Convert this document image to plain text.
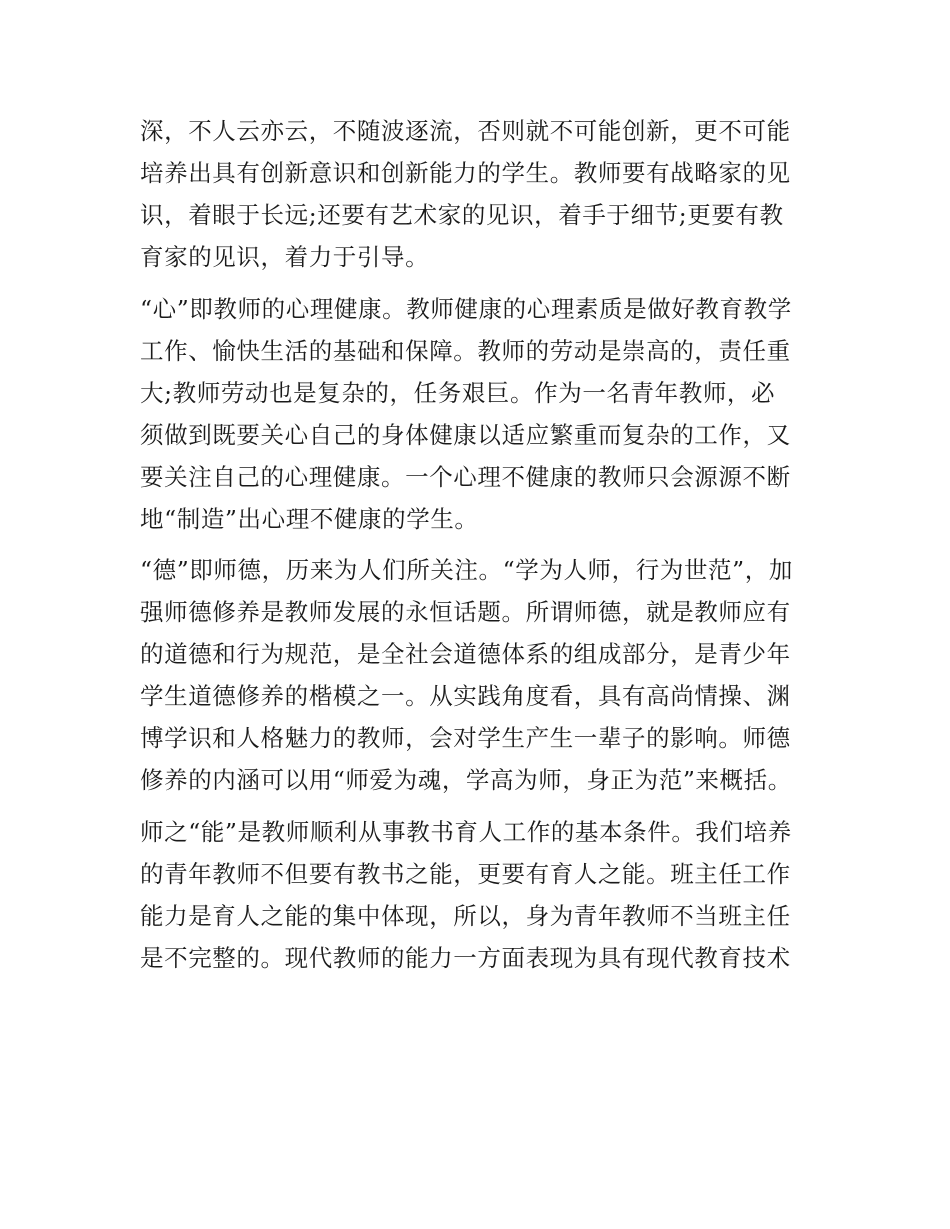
深，不人云亦云，不随波逐流，否则就不可能创新，更不可能
培养出具有创新意识和创新能力的学生。教师要有战略家的见
识，着眼于长远;还要有艺术家的见识，着手于细节;更要有教
育家的见识，着力于引导。
“心”即教师的心理健康。教师健康的心理素质是做好教育教学
工作、愉快生活的基础和保障。教师的劳动是崇高的，责任重
大;教师劳动也是复杂的，任务艰巨。作为一名青年教师，必
须做到既要关心自己的身体健康以适应繁重而复杂的工作，又
要关注自己的心理健康。一个心理不健康的教师只会源源不断
地“制造”出心理不健康的学生。
“德”即师德，历来为人们所关注。“学为人师，行为世范”，加
强师德修养是教师发展的永恒话题。所谓师德，就是教师应有
的道德和行为规范，是全社会道德体系的组成部分，是青少年
学生道德修养的楷模之一。从实践角度看，具有高尚情操、渊
博学识和人格魅力的教师，会对学生产生一辈子的影响。师德
修养的内涵可以用“师爱为魂，学高为师，身正为范”来概括。
师之“能”是教师顺利从事教书育人工作的基本条件。我们培养
的青年教师不但要有教书之能，更要有育人之能。班主任工作
能力是育人之能的集中体现，所以，身为青年教师不当班主任
是不完整的。现代教师的能力一方面表现为具有现代教育技术
